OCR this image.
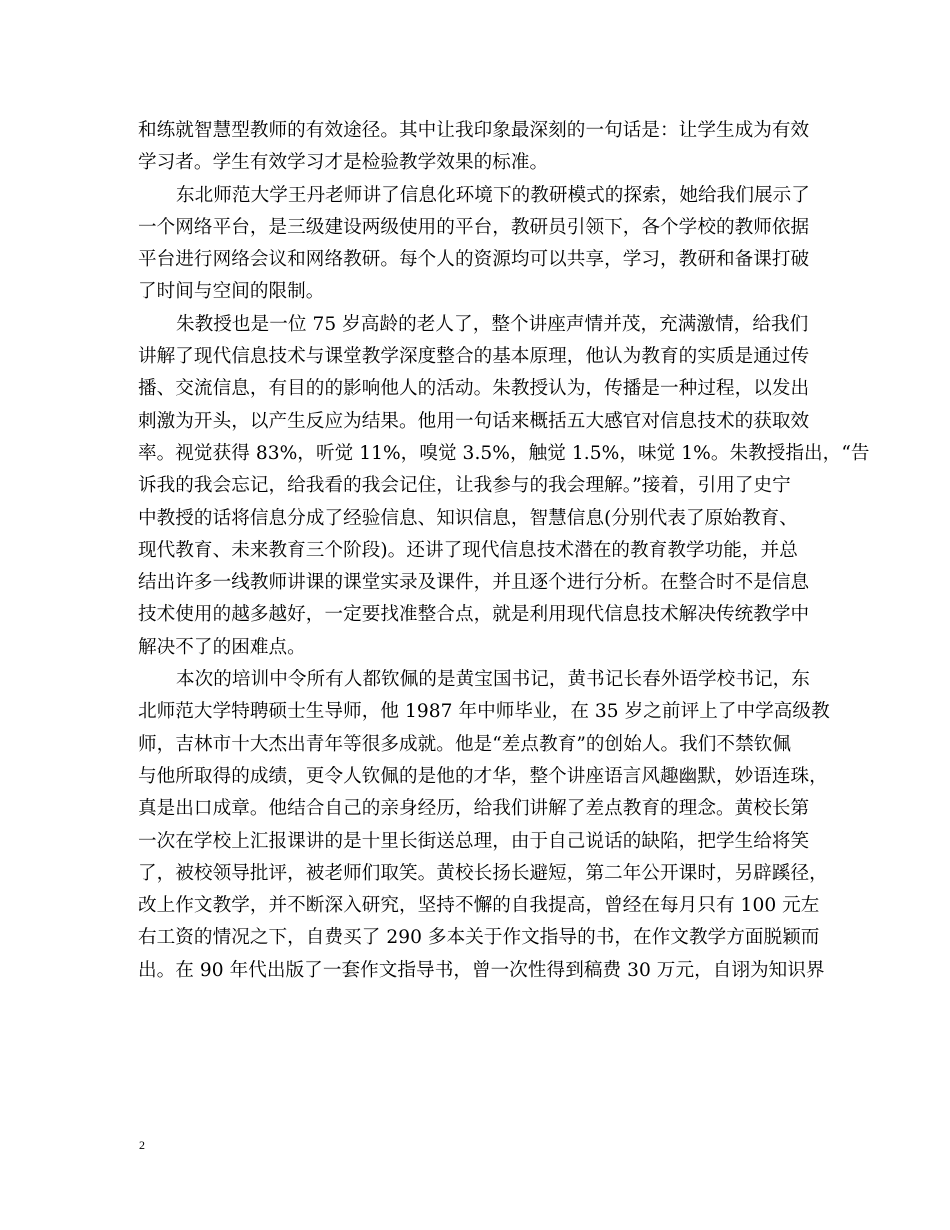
和练就智慧型教师的有效途径。其中让我印象最深刻的一句话是：让学生成为有效
学习者。学生有效学习才是检验教学效果的标准。
东北师范大学王丹老师讲了信息化环境下的教研模式的探索，她给我们展示了
一个网络平台，是三级建设两级使用的平台，教研员引领下，各个学校的教师依据
平台进行网络会议和网络教研。每个人的资源均可以共享，学习，教研和备课打破
了时间与空间的限制。
朱教授也是一位 75 岁高龄的老人了，整个讲座声情并茂，充满激情，给我们
讲解了现代信息技术与课堂教学深度整合的基本原理，他认为教育的实质是通过传
播、交流信息，有目的的影响他人的活动。朱教授认为，传播是一种过程，以发出
刺激为开头，以产生反应为结果。他用一句话来概括五大感官对信息技术的获取效
率。视觉获得 83%，听觉 11%，嗅觉 3.5%，触觉 1.5%，味觉 1%。朱教授指出，“告
诉我的我会忘记，给我看的我会记住，让我参与的我会理解。”接着，引用了史宁
中教授的话将信息分成了经验信息、知识信息，智慧信息(分别代表了原始教育、
现代教育、未来教育三个阶段)。还讲了现代信息技术潜在的教育教学功能，并总
结出许多一线教师讲课的课堂实录及课件，并且逐个进行分析。在整合时不是信息
技术使用的越多越好，一定要找准整合点，就是利用现代信息技术解决传统教学中
解决不了的困难点。
本次的培训中令所有人都钦佩的是黄宝国书记，黄书记长春外语学校书记，东
北师范大学特聘硕士生导师，他 1987 年中师毕业，在 35 岁之前评上了中学高级教
师，吉林市十大杰出青年等很多成就。他是“差点教育”的创始人。我们不禁钦佩
与他所取得的成绩，更令人钦佩的是他的才华，整个讲座语言风趣幽默，妙语连珠，
真是出口成章。他结合自己的亲身经历，给我们讲解了差点教育的理念。黄校长第
一次在学校上汇报课讲的是十里长街送总理，由于自己说话的缺陷，把学生给将笑
了，被校领导批评，被老师们取笑。黄校长扬长避短，第二年公开课时，另辟蹊径，
改上作文教学，并不断深入研究，坚持不懈的自我提高，曾经在每月只有 100 元左
右工资的情况之下，自费买了 290 多本关于作文指导的书，在作文教学方面脱颖而
出。在 90 年代出版了一套作文指导书，曾一次性得到稿费 30 万元，自诩为知识界
2
